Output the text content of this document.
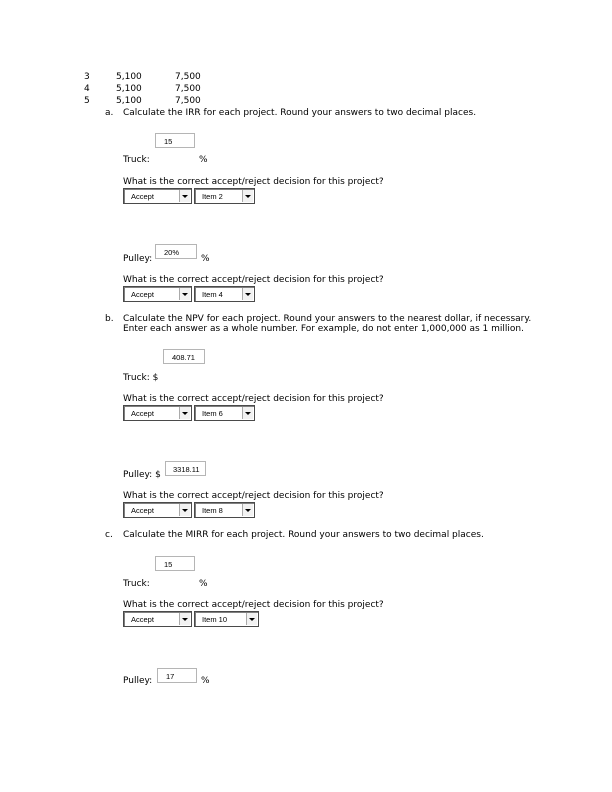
3	5,100	7,500
4	5,100	7,500
5	5,100	7,500
a. Calculate the IRR for each project. Round your answers to two decimal places.
15
Truck:	%
What is the correct accept/reject decision for this project?
Accept	Item 2
20%
Pulley:	%
What is the correct accept/reject decision for this project?
Accept	Item 4
b. Calculate the NPV for each project. Round your answers to the nearest dollar, if necessary.
Enter each answer as a whole number. For example, do not enter 1,000,000 as 1 million.
408.71
Truck: $
What is the correct accept/reject decision for this project?
Accept	Item 6
3318.11
Pulley: $
What is the correct accept/reject decision for this project?
Accept	Item 8
c. Calculate the MIRR for each project. Round your answers to two decimal places.
15
Truck:	%
What is the correct accept/reject decision for this project?
Accept	Item 10
17
Pulley:	%
